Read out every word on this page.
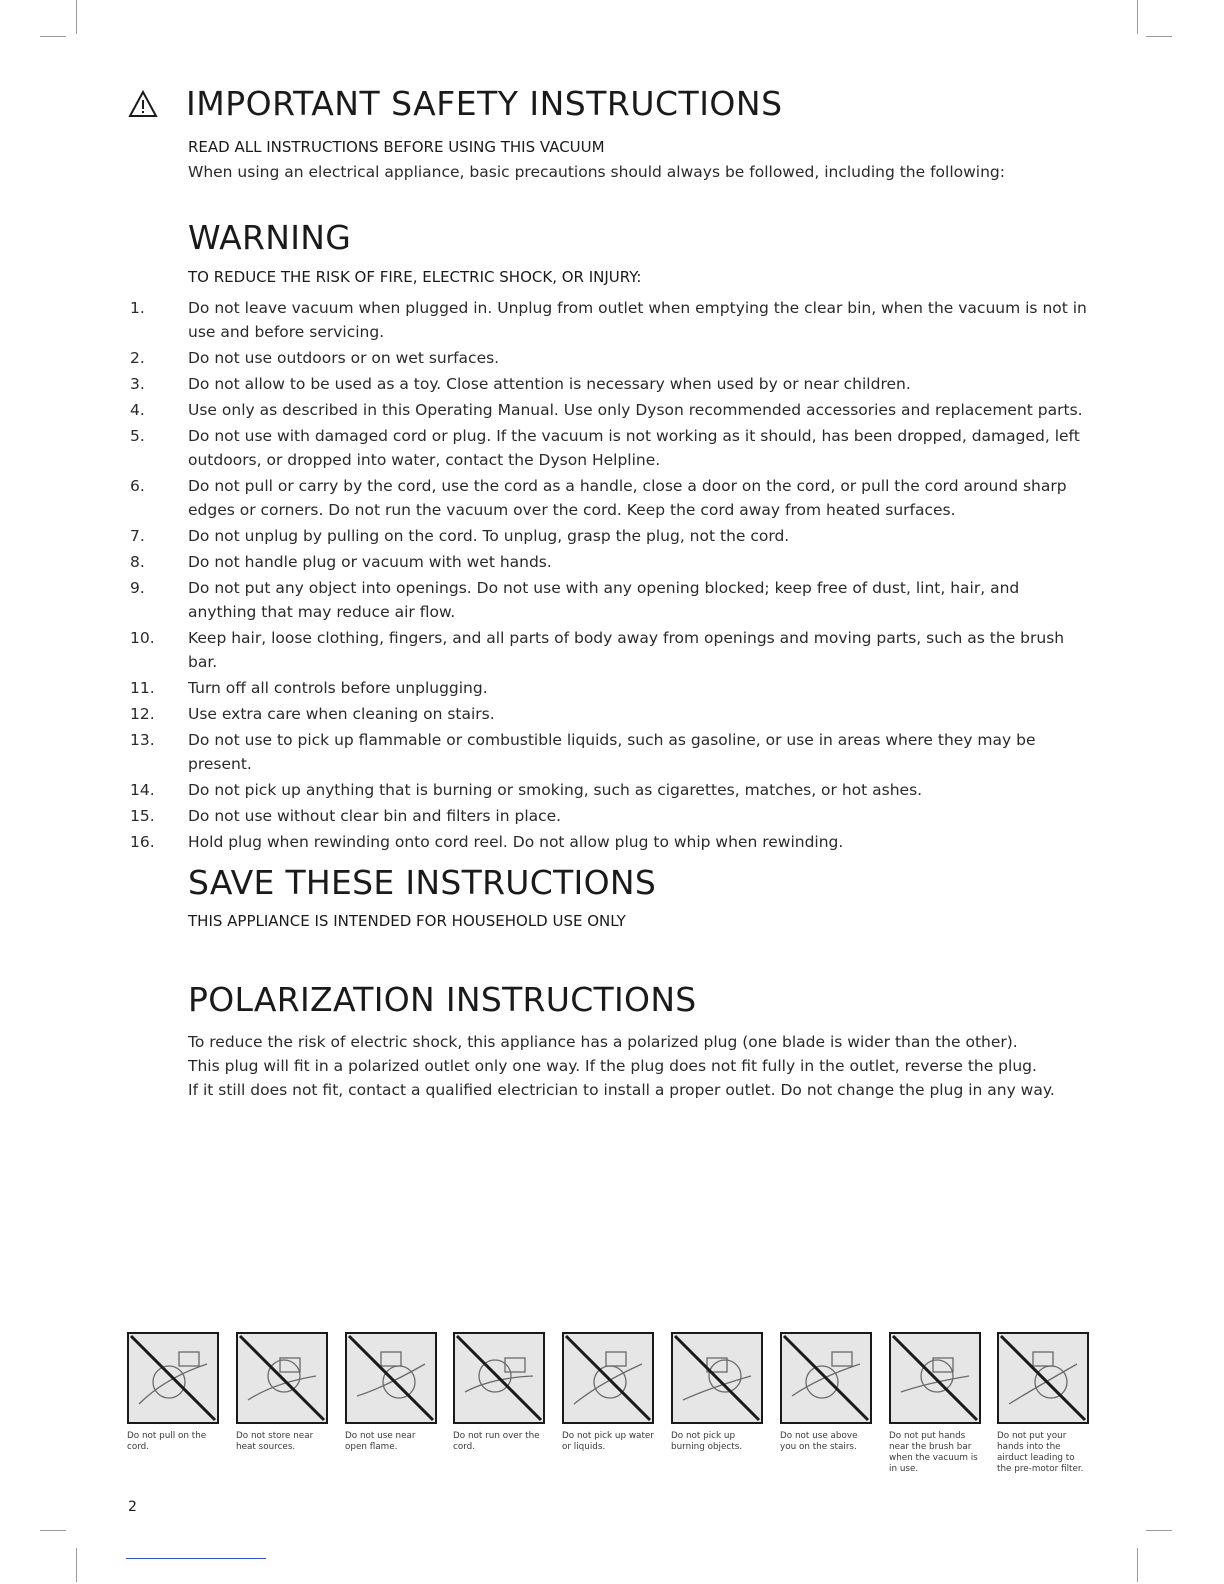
IMPORTANT SAFETY INSTRUCTIONS

READ ALL INSTRUCTIONS BEFORE USING THIS VACUUM

When using an electrical appliance, basic precautions should always be followed, including the following:

WARNING

TO REDUCE THE RISK OF FIRE, ELECTRIC SHOCK, OR INJURY:

1.	Do not leave vacuum when plugged in. Unplug from outlet when emptying the clear bin, when the vacuum is not in use and before servicing.
2.	Do not use outdoors or on wet surfaces.
3.	Do not allow to be used as a toy. Close attention is necessary when used by or near children.
4.	Use only as described in this Operating Manual. Use only Dyson recommended accessories and replacement parts.
5.	Do not use with damaged cord or plug. If the vacuum is not working as it should, has been dropped, damaged, left outdoors, or dropped into water, contact the Dyson Helpline.
6.	Do not pull or carry by the cord, use the cord as a handle, close a door on the cord, or pull the cord around sharp edges or corners. Do not run the vacuum over the cord. Keep the cord away from heated surfaces.
7.	Do not unplug by pulling on the cord. To unplug, grasp the plug, not the cord.
8.	Do not handle plug or vacuum with wet hands.
9.	Do not put any object into openings. Do not use with any opening blocked; keep free of dust, lint, hair, and anything that may reduce air flow.
10. Keep hair, loose clothing, fingers, and all parts of body away from openings and moving parts, such as the brush bar.
11. Turn off all controls before unplugging.
12. Use extra care when cleaning on stairs.
13. Do not use to pick up flammable or combustible liquids, such as gasoline, or use in areas where they may be present.
14. Do not pick up anything that is burning or smoking, such as cigarettes, matches, or hot ashes.
15. Do not use without clear bin and filters in place.
16. Hold plug when rewinding onto cord reel. Do not allow plug to whip when rewinding.
SAVE THESE INSTRUCTIONS

THIS APPLIANCE IS INTENDED FOR HOUSEHOLD USE ONLY

POLARIZATION INSTRUCTIONS

To reduce the risk of electric shock, this appliance has a polarized plug (one blade is wider than the other).

This plug will fit in a polarized outlet only one way. If the plug does not fit fully in the outlet, reverse the plug.

If it still does not fit, contact a qualified electrician to install a proper outlet. Do not change the plug in any way.

Do not pull on the cord.
Do not store near heat sources.
Do not use near open flame.
Do not run over the cord.
Do not pick up water or liquids.
Do not pick up burning objects.
Do not use above you on the stairs.
Do not put hands near the brush bar when the vacuum is in use.
Do not put your hands into the airduct leading to the pre-motor filter.
2
